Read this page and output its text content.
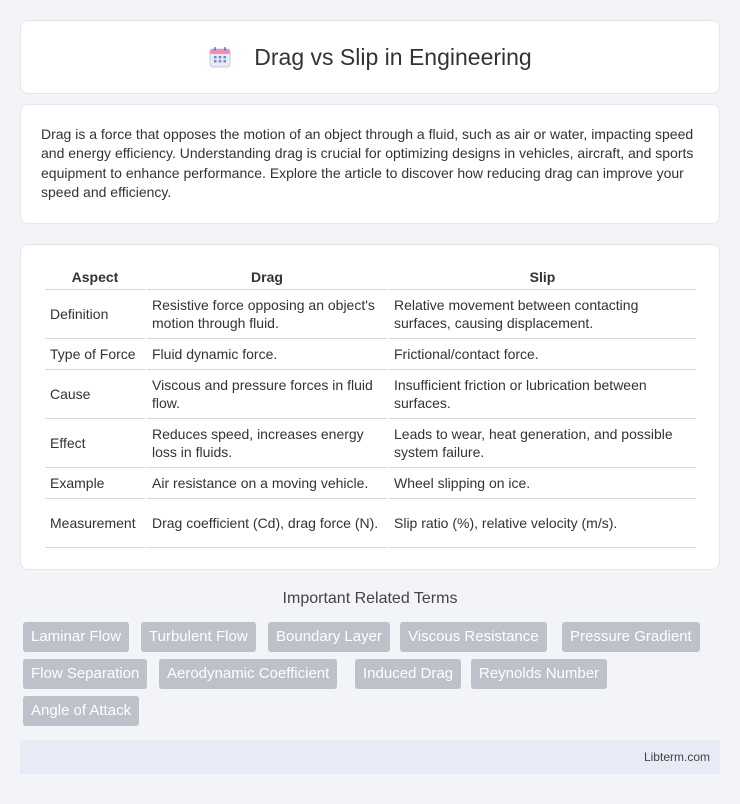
Drag vs Slip in Engineering

Drag is a force that opposes the motion of an object through a fluid, such as air or water, impacting speed and energy efficiency. Understanding drag is crucial for optimizing designs in vehicles, aircraft, and sports equipment to enhance performance. Explore the article to discover how reducing drag can improve your speed and efficiency.

Aspect	Drag	Slip
Definition	Resistive force opposing an object's motion through fluid.	Relative movement between contacting surfaces, causing displacement.
Type of Force	Fluid dynamic force.	Frictional/contact force.
Cause	Viscous and pressure forces in fluid flow.	Insufficient friction or lubrication between surfaces.
Effect	Reduces speed, increases energy loss in fluids.	Leads to wear, heat generation, and possible system failure.
Example	Air resistance on a moving vehicle.	Wheel slipping on ice.
Measurement	Drag coefficient (Cd), drag force (N).	Slip ratio (%), relative velocity (m/s).
Important Related Terms
Laminar Flow	Turbulent Flow	Boundary Layer	Viscous Resistance	Pressure Gradient
Flow Separation	Aerodynamic Coefficient	Induced Drag	Reynolds Number
Angle of Attack
Libterm.com
